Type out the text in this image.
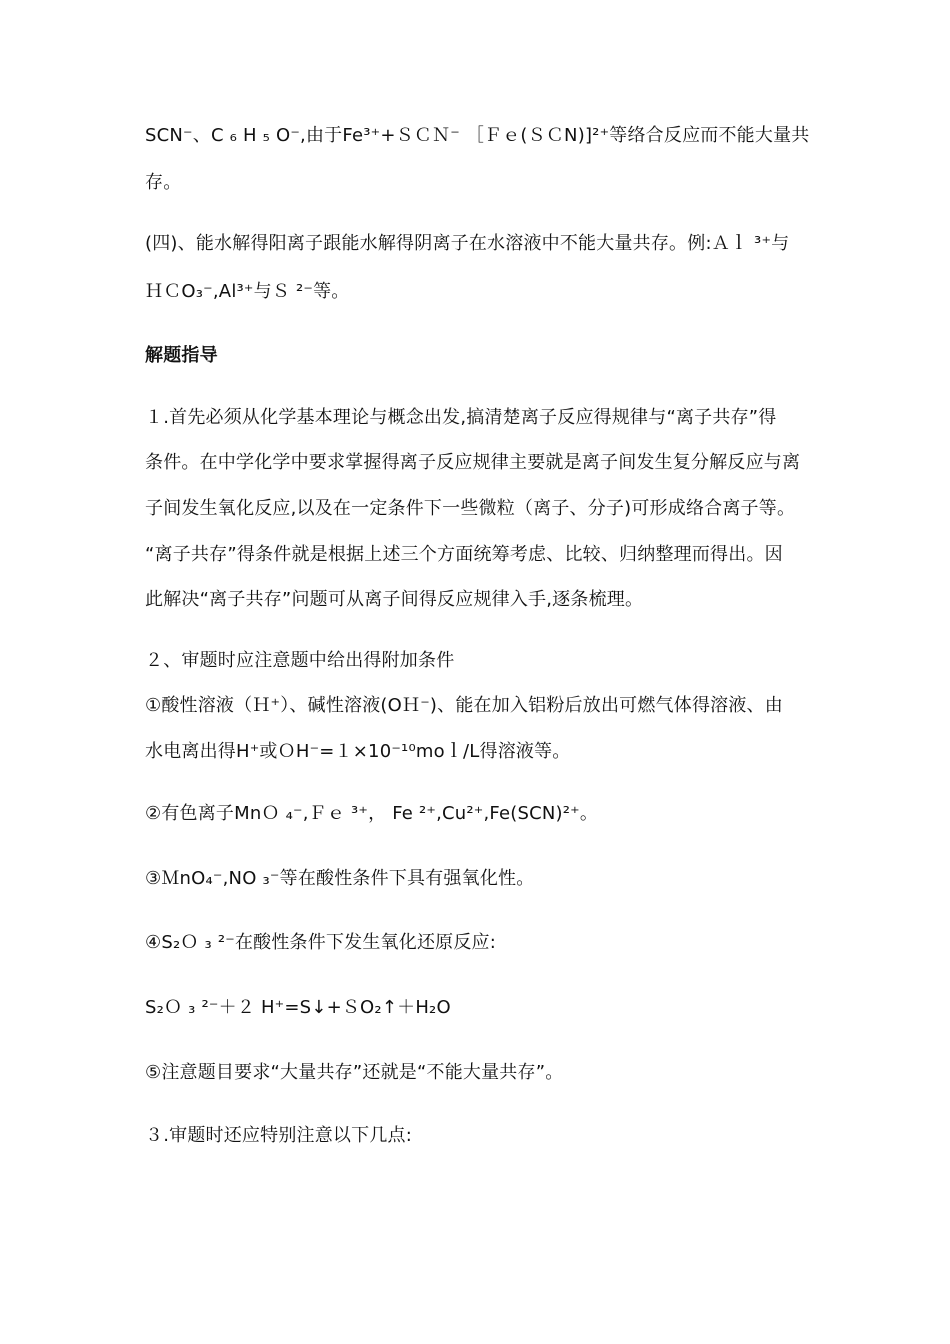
SCN⁻、C ₆ H ₅ O⁻,由于Fe³⁺+ＳＣＮ⁻ ［Ｆｅ(ＳＣN)]²⁺等络合反应而不能大量共
存。
(四)、能水解得阳离子跟能水解得阴离子在水溶液中不能大量共存。例:Ａｌ ³⁺与
ＨＣO₃⁻,Al³⁺与Ｓ ²⁻等。
解题指导
１.首先必须从化学基本理论与概念出发,搞清楚离子反应得规律与“离子共存”得
条件。在中学化学中要求掌握得离子反应规律主要就是离子间发生复分解反应与离
子间发生氧化反应,以及在一定条件下一些微粒（离子、分子)可形成络合离子等。
“离子共存”得条件就是根据上述三个方面统筹考虑、比较、归纳整理而得出。因
此解决“离子共存”问题可从离子间得反应规律入手,逐条梳理。
２、审题时应注意题中给出得附加条件
①酸性溶液（Ｈ⁺）、碱性溶液(OＨ⁻)、能在加入铝粉后放出可燃气体得溶液、由
水电离出得H⁺或ＯH⁻=１×10⁻¹⁰moｌ/L得溶液等。
②有色离子MnＯ ₄⁻,Ｆｅ ³⁺， Fe ²⁺,Cu²⁺,Fe(SCN)²⁺。
③ＭnO₄⁻,NO ₃⁻等在酸性条件下具有强氧化性。
④S₂Ｏ ₃ ²⁻在酸性条件下发生氧化还原反应:
S₂Ｏ ₃ ²⁻＋２ H⁺=S↓+ＳO₂↑＋H₂O
⑤注意题目要求“大量共存”还就是“不能大量共存”。
３.审题时还应特别注意以下几点:
